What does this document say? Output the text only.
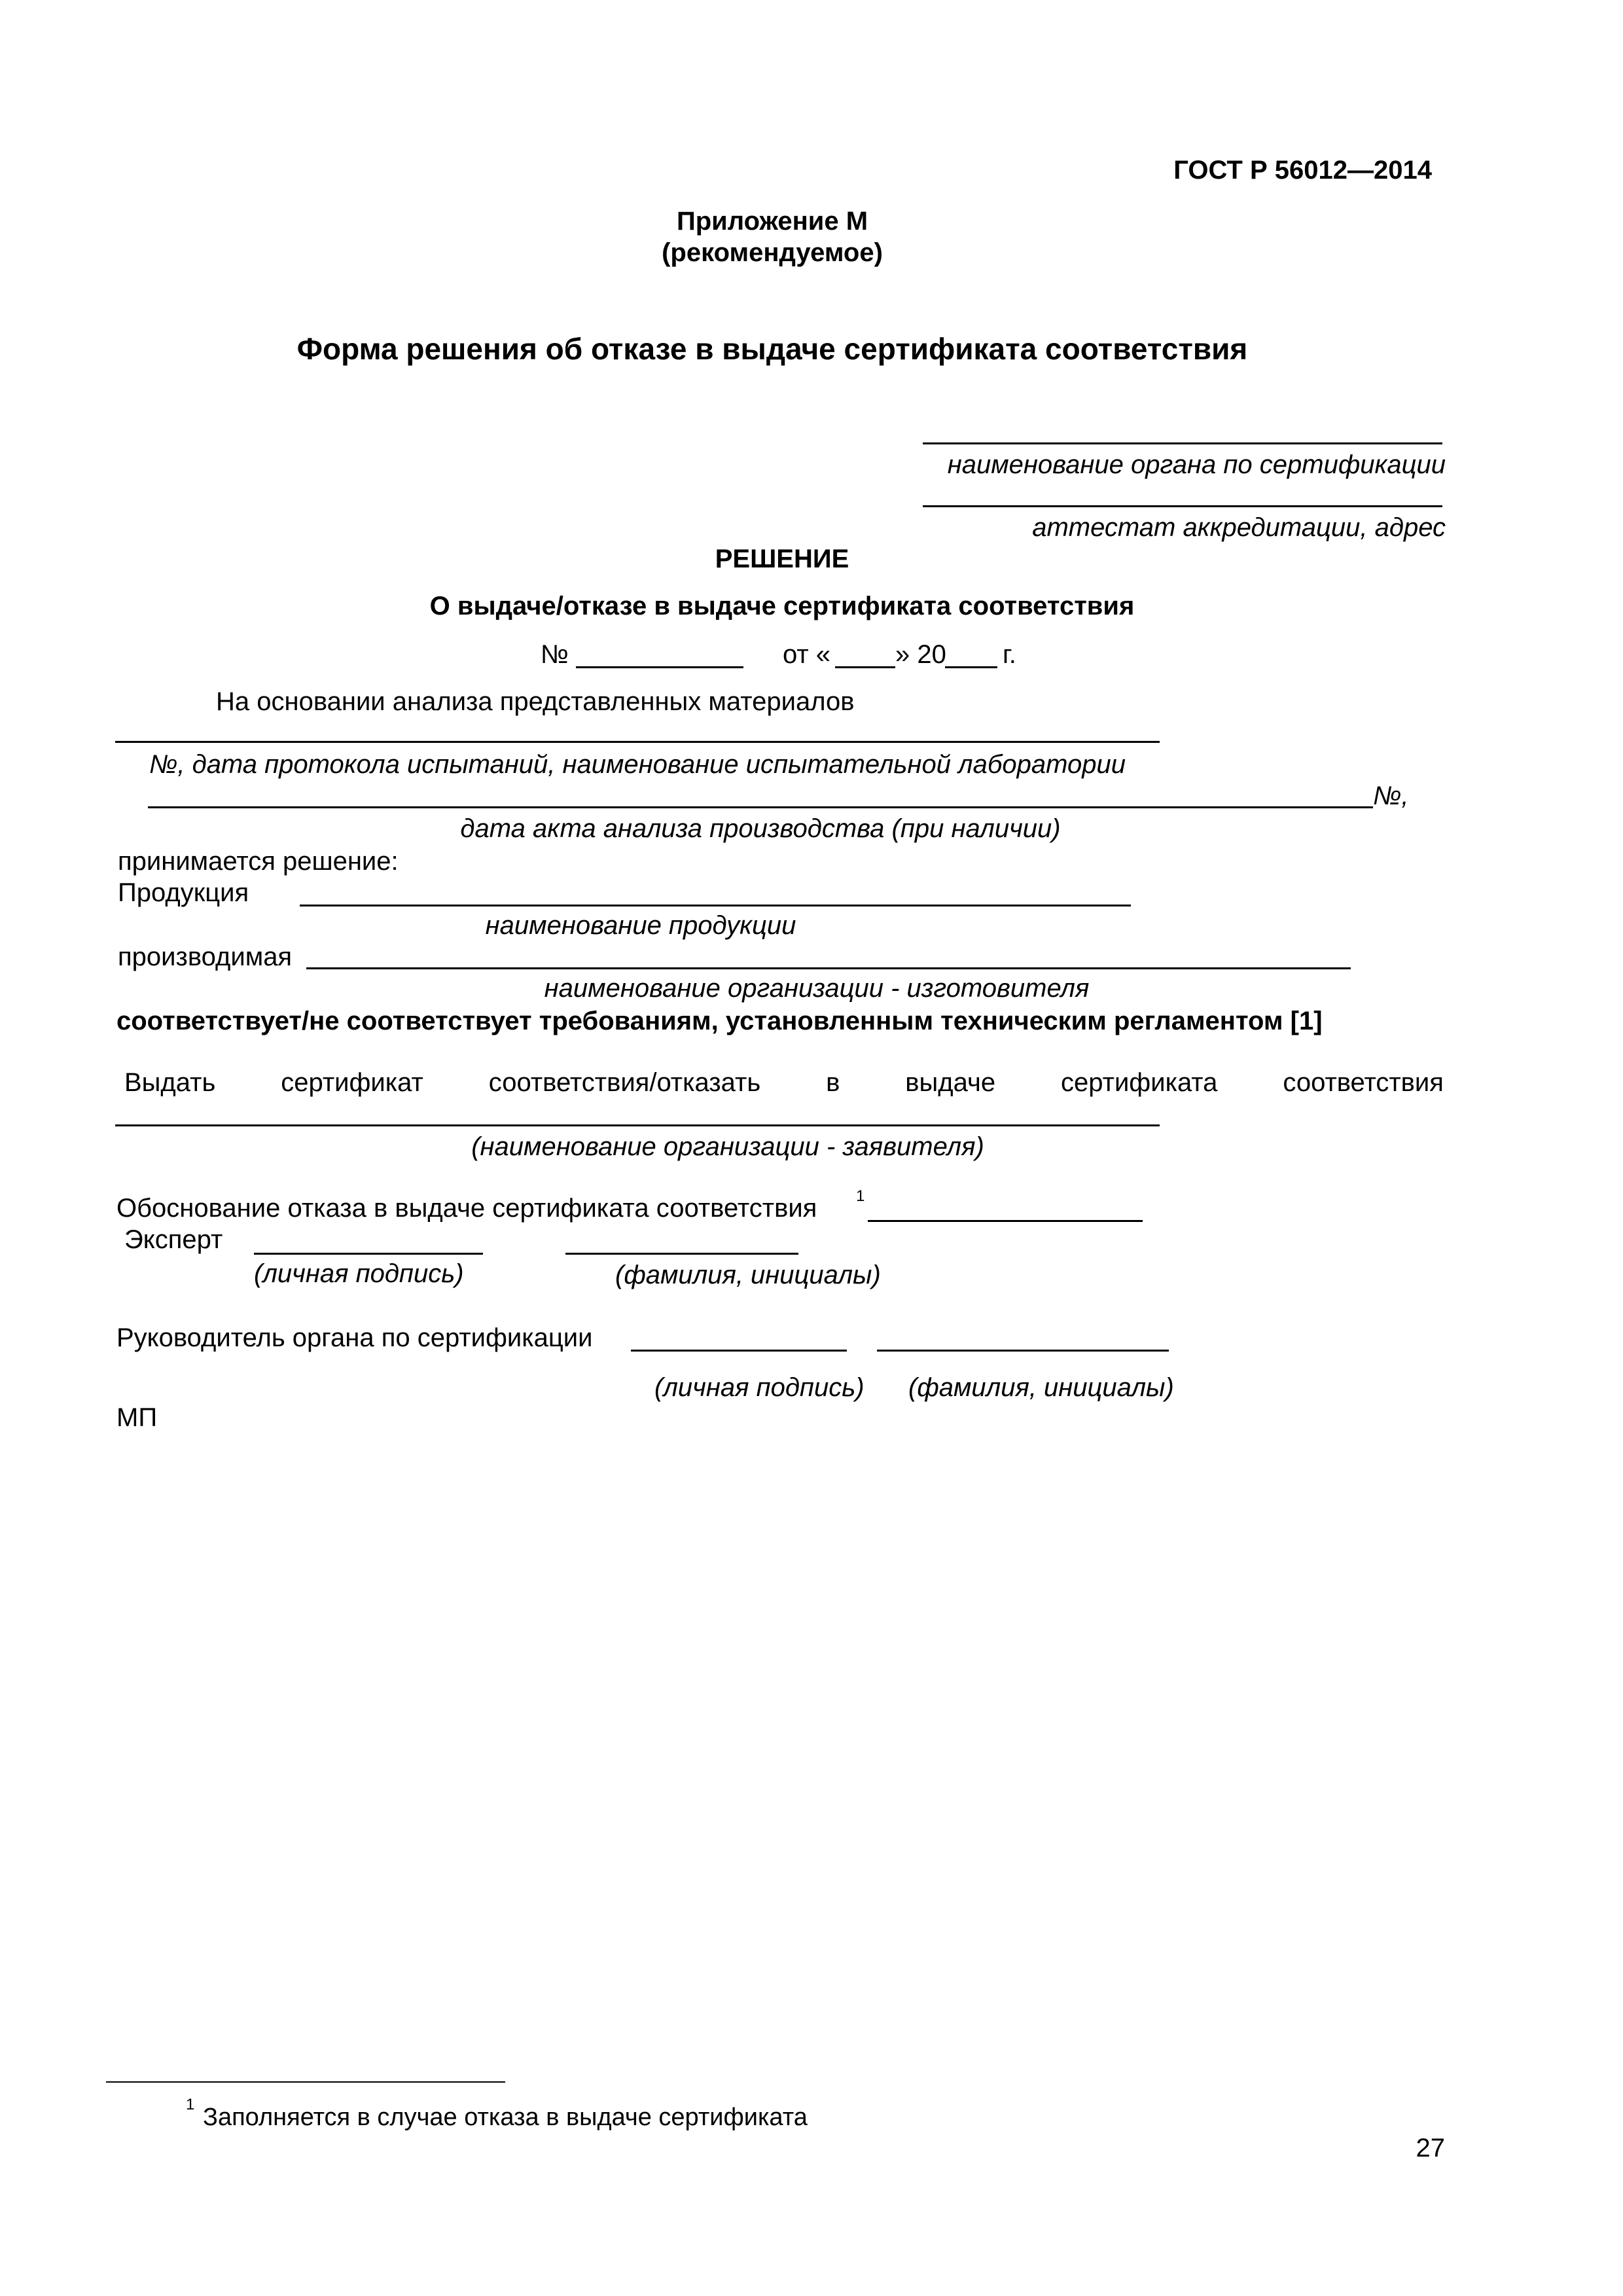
ГОСТ Р 56012—2014
Приложение М
(рекомендуемое)
Форма решения об отказе в выдаче сертификата соответствия
наименование органа по сертификации
аттестат аккредитации, адрес
РЕШЕНИЕ
О выдаче/отказе в выдаче сертификата соответствия
№	от « » 20 г.
На основании анализа представленных материалов
№, дата протокола испытаний, наименование испытательной лаборатории
№,
дата акта анализа производства (при наличии)
принимается решение:
Продукция
наименование продукции
производимая
наименование организации - изготовителя
соответствует/не соответствует требованиям, установленным техническим регламентом [1]
Выдать сертификат соответствия/отказать в выдаче сертификата соответствия
(наименование организации - заявителя)
Обоснование отказа в выдаче сертификата соответствия 1
Эксперт
(личная подпись)	(фамилия, инициалы)
Руководитель органа по сертификации
(личная подпись) (фамилия, инициалы)
МП
1 Заполняется в случае отказа в выдаче сертификата
27
